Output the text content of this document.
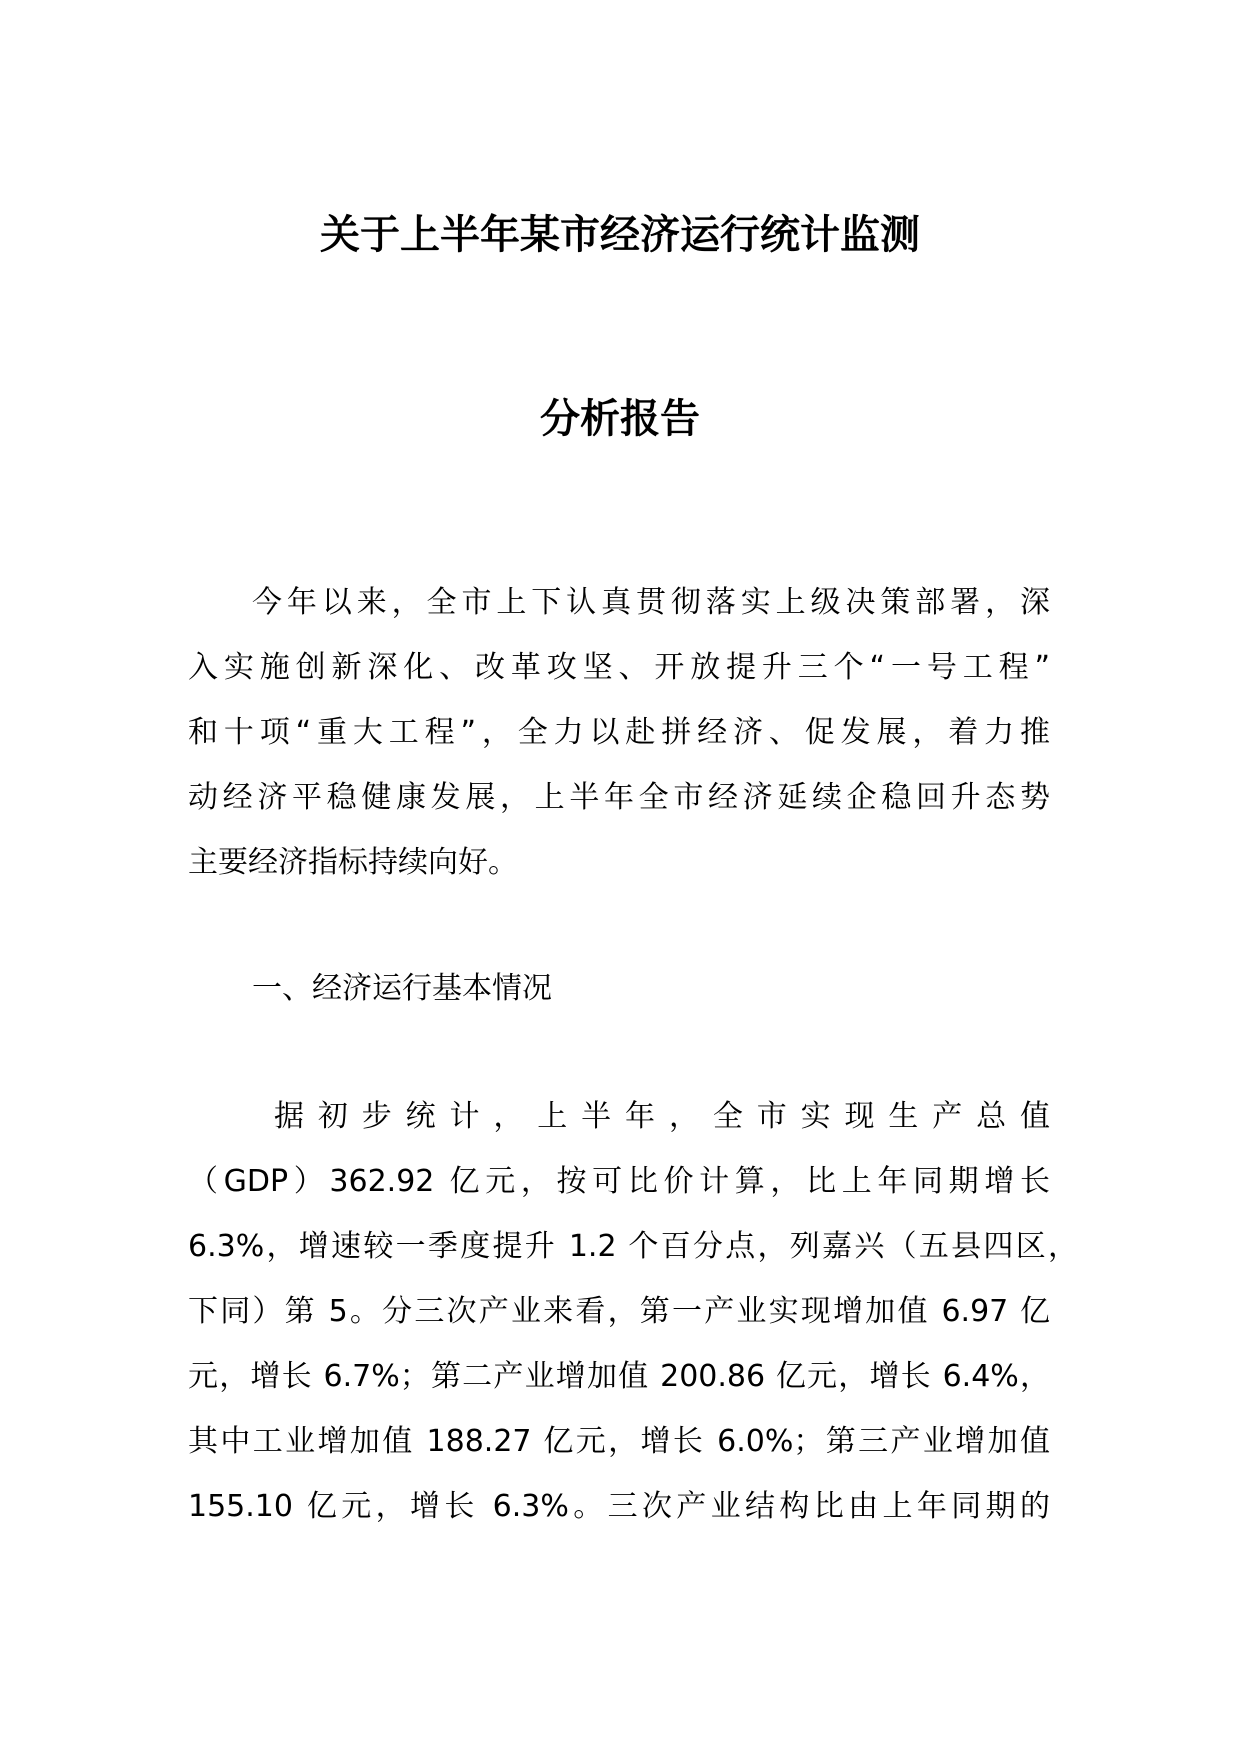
关于上半年某市经济运行统计监测
分析报告
今年以来，全市上下认真贯彻落实上级决策部署，深
入实施创新深化、改革攻坚、开放提升三个“一号工程”
和十项“重大工程”，全力以赴拼经济、促发展，着力推
动经济平稳健康发展，上半年全市经济延续企稳回升态势
主要经济指标持续向好。
一、经济运行基本情况
据初步统计，上半年，全市实现生产总值
（GDP）362.92 亿元，按可比价计算，比上年同期增长
6.3%，增速较一季度提升 1.2 个百分点，列嘉兴（五县四区，
下同）第 5。分三次产业来看，第一产业实现增加值 6.97 亿
元，增长 6.7%；第二产业增加值 200.86 亿元，增长 6.4%，
其中工业增加值 188.27 亿元，增长 6.0%；第三产业增加值
155.10 亿元，增长 6.3%。三次产业结构比由上年同期的
